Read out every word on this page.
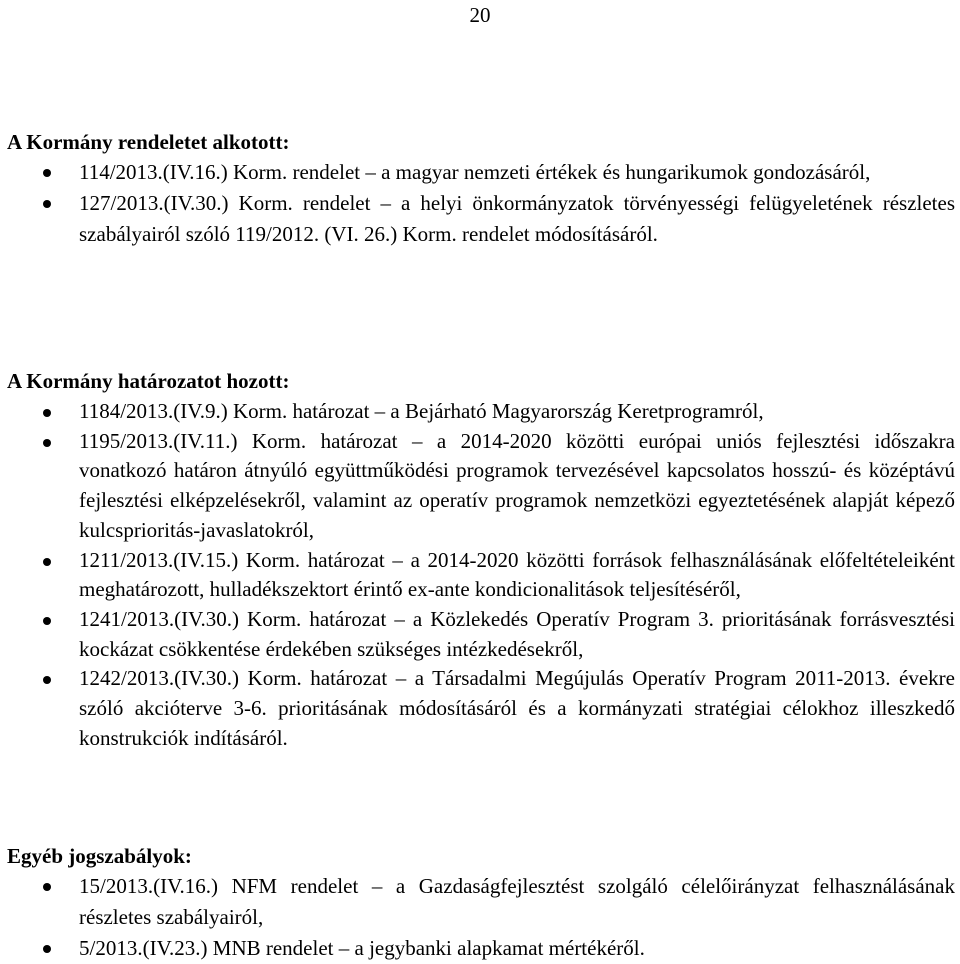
20
A Kormány rendeletet alkotott:
114/2013.(IV.16.) Korm. rendelet – a magyar nemzeti értékek és hungarikumok gondozásáról,
127/2013.(IV.30.) Korm. rendelet – a helyi önkormányzatok törvényességi felügyeletének részletes szabályairól szóló 119/2012. (VI. 26.) Korm. rendelet módosításáról.
A Kormány határozatot hozott:
1184/2013.(IV.9.) Korm. határozat – a Bejárható Magyarország Keretprogramról,
1195/2013.(IV.11.) Korm. határozat – a 2014-2020 közötti európai uniós fejlesztési időszakra vonatkozó határon átnyúló együttműködési programok tervezésével kapcsolatos hosszú- és középtávú fejlesztési elképzelésekről, valamint az operatív programok nemzetközi egyeztetésének alapját képező kulcsprioritás-javaslatokról,
1211/2013.(IV.15.) Korm. határozat – a 2014-2020 közötti források felhasználásának előfeltételeiként meghatározott, hulladékszektort érintő ex-ante kondicionalitások teljesítéséről,
1241/2013.(IV.30.) Korm. határozat – a Közlekedés Operatív Program 3. prioritásának forrásvesztési kockázat csökkentése érdekében szükséges intézkedésekről,
1242/2013.(IV.30.) Korm. határozat – a Társadalmi Megújulás Operatív Program 2011-2013. évekre szóló akcióterve 3-6. prioritásának módosításáról és a kormányzati stratégiai célokhoz illeszkedő konstrukciók indításáról.
Egyéb jogszabályok:
15/2013.(IV.16.) NFM rendelet – a Gazdaságfejlesztést szolgáló célelőirányzat felhasználásának részletes szabályairól,
5/2013.(IV.23.) MNB rendelet – a jegybanki alapkamat mértékéről.
